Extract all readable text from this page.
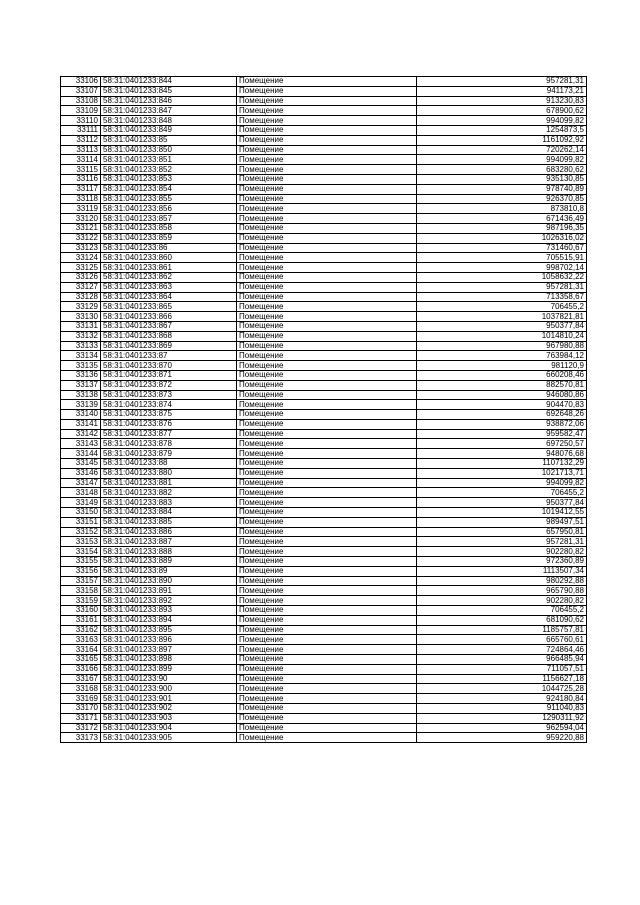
33106	58:31:0401233:844	Помещение	957281,31
33107	58:31:0401233:845	Помещение	941173,21
33108	58:31:0401233:846	Помещение	913230,83
33109	58:31:0401233:847	Помещение	678900,62
33110	58:31:0401233:848	Помещение	994099,82
33111	58:31:0401233:849	Помещение	1254873,5
33112	58:31:0401233:85	Помещение	1161092,92
33113	58:31:0401233:850	Помещение	720262,14
33114	58:31:0401233:851	Помещение	994099,82
33115	58:31:0401233:852	Помещение	683280,62
33116	58:31:0401233:853	Помещение	935130,85
33117	58:31:0401233:854	Помещение	978740,89
33118	58:31:0401233:855	Помещение	926370,85
33119	58:31:0401233:856	Помещение	873810,8
33120	58:31:0401233:857	Помещение	671436,49
33121	58:31:0401233:858	Помещение	987196,35
33122	58:31:0401233:859	Помещение	1026316,02
33123	58:31:0401233:86	Помещение	731460,67
33124	58:31:0401233:860	Помещение	705515,91
33125	58:31:0401233:861	Помещение	998702,14
33126	58:31:0401233:862	Помещение	1058632,22
33127	58:31:0401233:863	Помещение	957281,31
33128	58:31:0401233:864	Помещение	713358,67
33129	58:31:0401233:865	Помещение	706455,2
33130	58:31:0401233:866	Помещение	1037821,81
33131	58:31:0401233:867	Помещение	950377,84
33132	58:31:0401233:868	Помещение	1014810,24
33133	58:31:0401233:869	Помещение	967980,88
33134	58:31:0401233:87	Помещение	763984,12
33135	58:31:0401233:870	Помещение	981120,9
33136	58:31:0401233:871	Помещение	660208,46
33137	58:31:0401233:872	Помещение	882570,81
33138	58:31:0401233:873	Помещение	946080,86
33139	58:31:0401233:874	Помещение	904470,83
33140	58:31:0401233:875	Помещение	692648,26
33141	58:31:0401233:876	Помещение	938872,06
33142	58:31:0401233:877	Помещение	959582,47
33143	58:31:0401233:878	Помещение	697250,57
33144	58:31:0401233:879	Помещение	948076,68
33145	58:31:0401233:88	Помещение	1107132,29
33146	58:31:0401233:880	Помещение	1021713,71
33147	58:31:0401233:881	Помещение	994099,82
33148	58:31:0401233:882	Помещение	706455,2
33149	58:31:0401233:883	Помещение	950377,84
33150	58:31:0401233:884	Помещение	1019412,55
33151	58:31:0401233:885	Помещение	989497,51
33152	58:31:0401233:886	Помещение	657950,81
33153	58:31:0401233:887	Помещение	957281,31
33154	58:31:0401233:888	Помещение	902280,82
33155	58:31:0401233:889	Помещение	972360,89
33156	58:31:0401233:89	Помещение	1113507,34
33157	58:31:0401233:890	Помещение	980292,88
33158	58:31:0401233:891	Помещение	965790,88
33159	58:31:0401233:892	Помещение	902280,82
33160	58:31:0401233:893	Помещение	706455,2
33161	58:31:0401233:894	Помещение	681090,62
33162	58:31:0401233:895	Помещение	1185757,81
33163	58:31:0401233:896	Помещение	665760,61
33164	58:31:0401233:897	Помещение	724864,46
33165	58:31:0401233:898	Помещение	966485,94
33166	58:31:0401233:899	Помещение	711057,51
33167	58:31:0401233:90	Помещение	1156627,18
33168	58:31:0401233:900	Помещение	1044725,28
33169	58:31:0401233:901	Помещение	924180,84
33170	58:31:0401233:902	Помещение	911040,83
33171	58:31:0401233:903	Помещение	1290311,92
33172	58:31:0401233:904	Помещение	962594,04
33173	58:31:0401233:905	Помещение	959220,88
